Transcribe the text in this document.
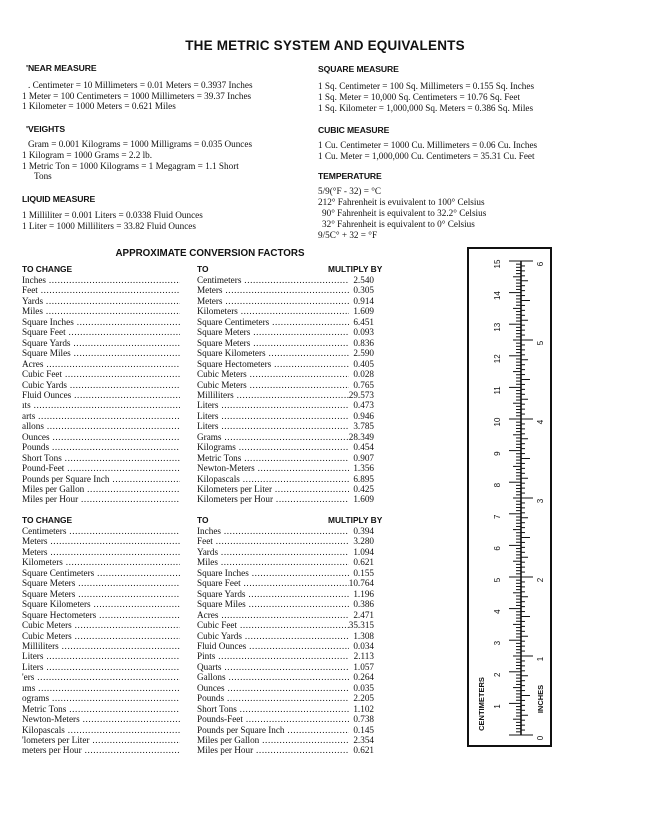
THE METRIC SYSTEM AND EQUIVALENTS
'NEAR MEASURE
. Centimeter = 10 Millimeters = 0.01 Meters = 0.3937 Inches
1 Meter = 100 Centimeters = 1000 Millimeters = 39.37 Inches
1 Kilometer = 1000 Meters = 0.621 Miles
'VEIGHTS
Gram = 0.001 Kilograms = 1000 Milligrams = 0.035 Ounces
1 Kilogram = 1000 Grams = 2.2 lb.
1 Metric Ton = 1000 Kilograms = 1 Megagram = 1.1 Short
Tons
LIQUID MEASURE
1 Milliliter = 0.001 Liters = 0.0338 Fluid Ounces
1 Liter = 1000 Milliliters = 33.82 Fluid Ounces
SQUARE MEASURE
1 Sq. Centimeter = 100 Sq. Millimeters = 0.155 Sq. Inches
1 Sq. Meter = 10,000 Sq. Centimeters = 10.76 Sq. Feet
1 Sq. Kilometer = 1,000,000 Sq. Meters = 0.386 Sq. Miles
CUBIC MEASURE
1 Cu. Centimeter = 1000 Cu. Millimeters = 0.06 Cu. Inches
1 Cu. Meter = 1,000,000 Cu. Centimeters = 35.31 Cu. Feet
TEMPERATURE
5/9(°F - 32) = °C
212° Fahrenheit is evuivalent to 100° Celsius
90° Fahrenheit is equivalent to 32.2° Celsius
32° Fahrenheit is equivalent to 0° Celsius
9/5C° + 32 = °F
APPROXIMATE CONVERSION FACTORS
TO CHANGE	TO	MULTIPLY BY
Inches .....	Centimeters .....	2.540
Feet .....	Meters .....	0.305
Yards .....	Meters .....	0.914
Miles .....	Kilometers .....	1.609
Square Inches .....	Square Centimeters .....	6.451
Square Feet .....	Square Meters .....	0.093
Square Yards .....	Square Meters .....	0.836
Square Miles .....	Square Kilometers .....	2.590
Acres .....	Square Hectometers .....	0.405
Cubic Feet .....	Cubic Meters .....	0.028
Cubic Yards .....	Cubic Meters .....	0.765
Fluid Ounces .....	Milliliters .....	29.573
ıts .....	Liters .....	0.473
arts .....	Liters .....	0.946
allons .....	Liters .....	3.785
Ounces .....	Grams .....	28.349
Pounds .....	Kilograms .....	0.454
Short Tons .....	Metric Tons .....	0.907
Pound-Feet .....	Newton-Meters .....	1.356
Pounds per Square Inch .....	Kilopascals .....	6.895
Miles per Gallon .....	Kilometers per Liter .....	0.425
Miles per Hour .....	Kilometers per Hour .....	1.609
TO CHANGE	TO	MULTIPLY BY
Centimeters .....	Inches .....	0.394
Meters .....	Feet .....	3.280
Meters .....	Yards .....	1.094
Kilometers .....	Miles .....	0.621
Square Centimeters .....	Square Inches .....	0.155
Square Meters .....	Square Feet .....	10.764
Square Meters .....	Square Yards .....	1.196
Square Kilometers .....	Square Miles .....	0.386
Square Hectometers .....	Acres .....	2.471
Cubic Meters .....	Cubic Feet .....	35.315
Cubic Meters .....	Cubic Yards .....	1.308
Milliliters .....	Fluid Ounces .....	0.034
Liters .....	Pints .....	2.113
Liters .....	Quarts .....	1.057
'ers .....	Gallons .....	0.264
ıms .....	Ounces .....	0.035
ograms .....	Pounds .....	2.205
Metric Tons .....	Short Tons .....	1.102
Newton-Meters .....	Pounds-Feet .....	0.738
Kilopascals .....	Pounds per Square Inch .....	0.145
'lometers per Liter .....	Miles per Gallon .....	2.354
meters per Hour .....	Miles per Hour .....	0.621
15
14
13
12
11
10
9
8
7
6
5
4
3
2
1
6
5
4
3
2
1
0
CENTIMETERS	INCHES
